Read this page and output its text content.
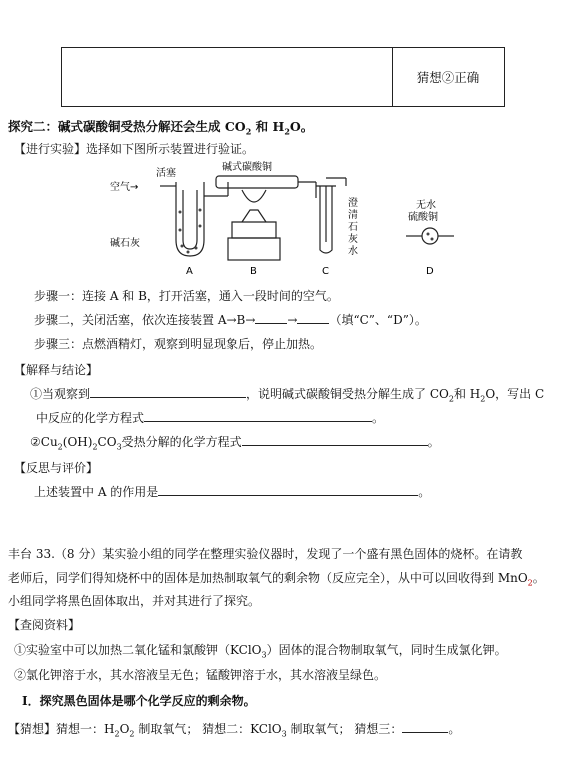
猜想②正确
探究二：碱式碳酸铜受热分解还会生成 $CO_2$ 和 $H_2O$。
【进行实验】选择如下图所示装置进行验证。
空气→
活塞
碱石灰
碱式碳酸铜
澄
清
石
灰
水
无水
硫酸铜
A	B	C	D
步骤一：连接 A 和 B，打开活塞，通入一段时间的空气。
步骤二，关闭活塞，依次连接装置 A→B→	→	（填“C”、“D”）。
步骤三：点燃酒精灯，观察到明显现象后，停止加热。
【解释与结论】
①当观察到	，说明碱式碳酸铜受热分解生成了 $CO_2$和 $H_2O$，写出 C
中反应的化学方程式	。
$②Cu_2(OH)_2CO_3$受热分解的化学方程式	。
【反思与评价】
上述装置中 A 的作用是	。
丰台 33.（8 分）某实验小组的同学在整理实验仪器时，发现了一个盛有黑色固体的烧杯。在请教
老师后，同学们得知烧杯中的固体是加热制取氧气的剩余物（反应完全），从中可以回收得到 MnO$_2$。
小组同学将黑色固体取出，并对其进行了探究。
【查阅资料】
①实验室中可以加热二氧化锰和氯酸钾（KClO$_3$）固体的混合物制取氧气，同时生成氯化钾。
②氯化钾溶于水，其水溶液呈无色；锰酸钾溶于水，其水溶液呈绿色。
Ⅰ．探究黑色固体是哪个化学反应的剩余物。
【猜想】猜想一：$H_2O_2$ 制取氧气； 猜想二：KClO$_3$ 制取氧气； 猜想三：	。
